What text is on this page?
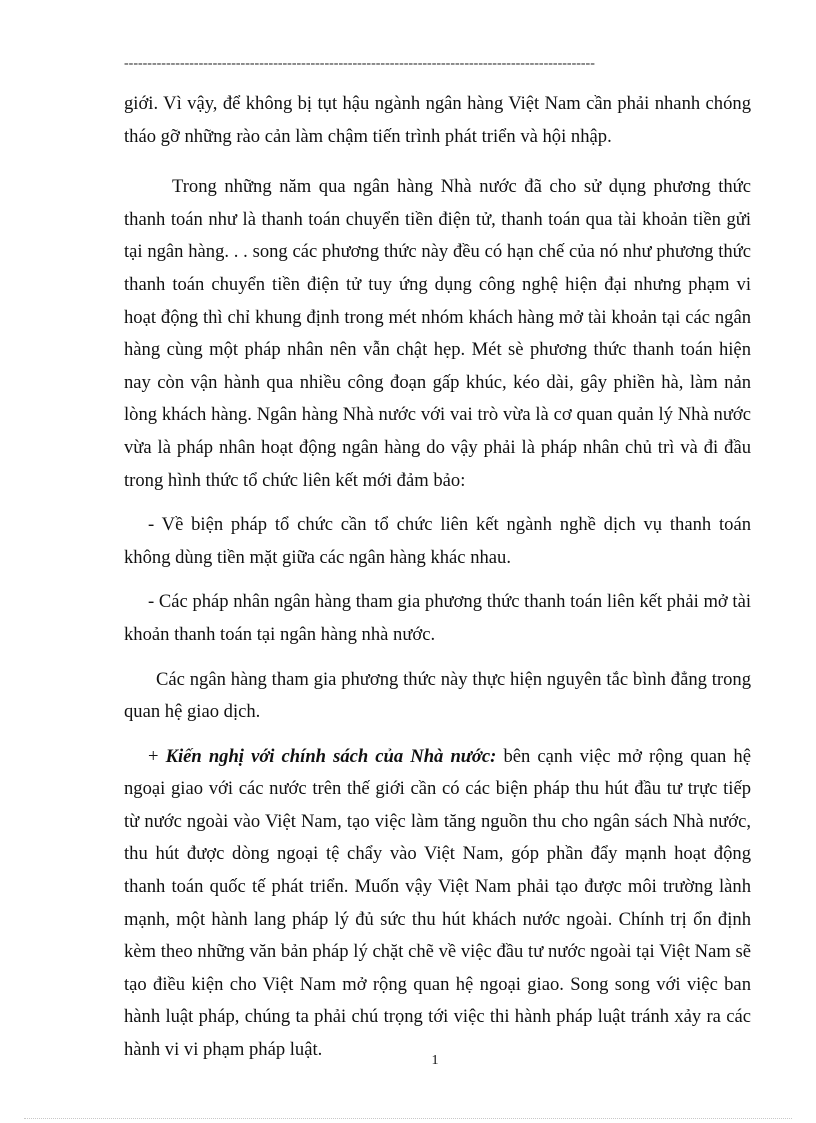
-----------------------------------------------------------------------------------------------------

giới. Vì vậy, để không bị tụt hậu ngành ngân hàng Việt Nam cần phải nhanh chóng tháo gỡ những rào cản làm chậm tiến trình phát triển và hội nhập.

Trong những năm qua ngân hàng Nhà nước đã cho sử dụng phương thức thanh toán như là thanh toán chuyển tiền điện tử, thanh toán qua tài khoản tiền gửi tại ngân hàng. . . song các phương thức này đều có hạn chế của nó như phương thức thanh toán chuyển tiền điện tử tuy ứng dụng công nghệ hiện đại nhưng phạm vi hoạt động thì chỉ khung định trong mét nhóm khách hàng mở tài khoản tại các ngân hàng cùng một pháp nhân nên vẫn chật hẹp. Mét sè phương thức thanh toán hiện nay còn vận hành qua nhiều công đoạn gấp khúc, kéo dài, gây phiền hà, làm nản lòng khách hàng. Ngân hàng Nhà nước với vai trò vừa là cơ quan quản lý Nhà nước vừa là pháp nhân hoạt động ngân hàng do vậy phải là pháp nhân chủ trì và đi đầu trong hình thức tổ chức liên kết mới đảm bảo:

- Về biện pháp tổ chức cần tổ chức liên kết ngành nghề dịch vụ thanh toán không dùng tiền mặt giữa các ngân hàng khác nhau.

- Các pháp nhân ngân hàng tham gia phương thức thanh toán liên kết phải mở tài khoản thanh toán tại ngân hàng nhà nước.

Các ngân hàng tham gia phương thức này thực hiện nguyên tắc bình đẳng trong quan hệ giao dịch.

+ Kiến nghị với chính sách của Nhà nước: bên cạnh việc mở rộng quan hệ ngoại giao với các nước trên thế giới cần có các biện pháp thu hút đầu tư trực tiếp từ nước ngoài vào Việt Nam, tạo việc làm tăng nguồn thu cho ngân sách Nhà nước, thu hút được dòng ngoại tệ chẩy vào Việt Nam, góp phần đẩy mạnh hoạt động thanh toán quốc tế phát triển. Muốn vậy Việt Nam phải tạo được môi trường lành mạnh, một hành lang pháp lý đủ sức thu hút khách nước ngoài. Chính trị ổn định kèm theo những văn bản pháp lý chặt chẽ về việc đầu tư nước ngoài tại Việt Nam sẽ tạo điều kiện cho Việt Nam mở rộng quan hệ ngoại giao. Song song với việc ban hành luật pháp, chúng ta phải chú trọng tới việc thi hành pháp luật tránh xảy ra các hành vi vi phạm pháp luật.

1
